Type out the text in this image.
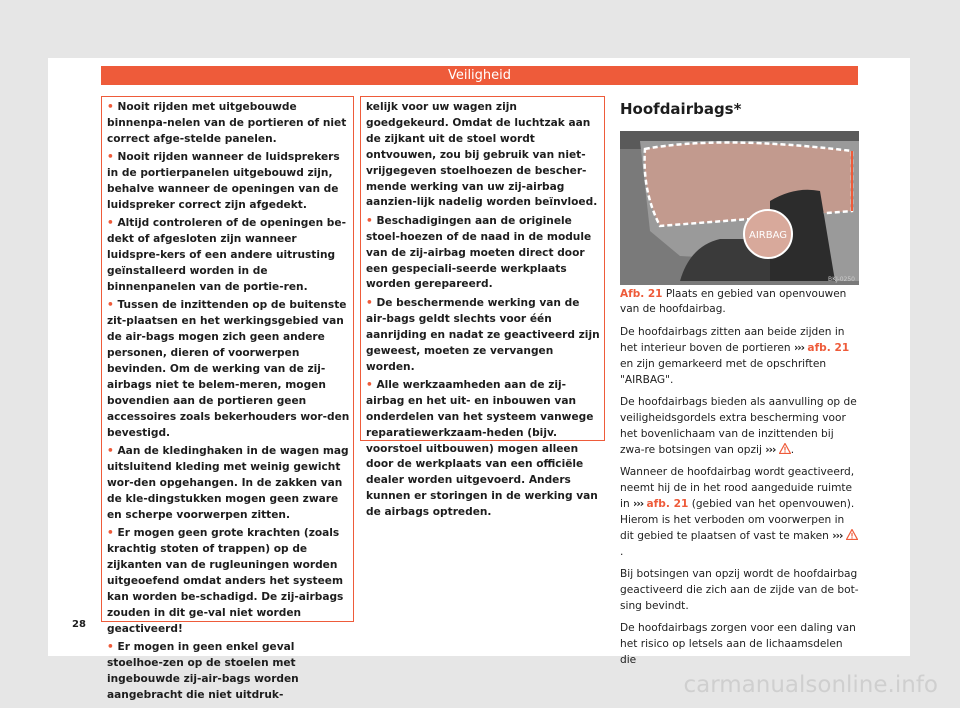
Veiligheid

• Nooit rijden met uitgebouwde binnenpa-nelen van de portieren of niet correct afge-stelde panelen.

• Nooit rijden wanneer de luidsprekers in de portierpanelen uitgebouwd zijn, behalve wanneer de openingen van de luidspreker correct zijn afgedekt.

• Altijd controleren of de openingen be-dekt of afgesloten zijn wanneer luidspre-kers of een andere uitrusting geïnstalleerd worden in de binnenpanelen van de portie-ren.

• Tussen de inzittenden op de buitenste zit-plaatsen en het werkingsgebied van de air-bags mogen zich geen andere personen, dieren of voorwerpen bevinden. Om de werking van de zij-airbags niet te belem-meren, mogen bovendien aan de portieren geen accessoires zoals bekerhouders wor-den bevestigd.

• Aan de kledinghaken in de wagen mag uitsluitend kleding met weinig gewicht wor-den opgehangen. In de zakken van de kle-dingstukken mogen geen zware en scherpe voorwerpen zitten.

• Er mogen geen grote krachten (zoals krachtig stoten of trappen) op de zijkanten van de rugleuningen worden uitgeoefend omdat anders het systeem kan worden be-schadigd. De zij-airbags zouden in dit ge-val niet worden geactiveerd!

• Er mogen in geen enkel geval stoelhoe-zen op de stoelen met ingebouwde zij-air-bags worden aangebracht die niet uitdruk-

kelijk voor uw wagen zijn goedgekeurd. Omdat de luchtzak aan de zijkant uit de stoel wordt ontvouwen, zou bij gebruik van niet-vrijgegeven stoelhoezen de bescher-mende werking van uw zij-airbag aanzien-lijk nadelig worden beïnvloed.

• Beschadigingen aan de originele stoel-hoezen of de naad in de module van de zij-airbag moeten direct door een gespeciali-seerde werkplaats worden gerepareerd.

• De beschermende werking van de air-bags geldt slechts voor één aanrijding en nadat ze geactiveerd zijn geweest, moeten ze vervangen worden.

• Alle werkzaamheden aan de zij-airbag en het uit- en inbouwen van onderdelen van het systeem vanwege reparatiewerkzaam-heden (bijv. voorstoel uitbouwen) mogen alleen door de werkplaats van een officiële dealer worden uitgevoerd. Anders kunnen er storingen in de werking van de airbags optreden.

Hoofdairbags*
AIRBAG
BKJ-0250
Afb. 21 Plaats en gebied van openvouwen van de hoofdairbag.

De hoofdairbags zitten aan beide zijden in het interieur boven de portieren ››› afb. 21 en zijn gemarkeerd met de opschriften "AIRBAG".

De hoofdairbags bieden als aanvulling op de veiligheidsgordels extra bescherming voor het bovenlichaam van de inzittenden bij zwa-re botsingen van opzij ››› .

Wanneer de hoofdairbag wordt geactiveerd, neemt hij de in het rood aangeduide ruimte in ››› afb. 21 (gebied van het openvouwen). Hierom is het verboden om voorwerpen in dit gebied te plaatsen of vast te maken ››› .

Bij botsingen van opzij wordt de hoofdairbag geactiveerd die zich aan de zijde van de bot-sing bevindt.

De hoofdairbags zorgen voor een daling van het risico op letsels aan de lichaamsdelen die

28
carmanualsonline.info
